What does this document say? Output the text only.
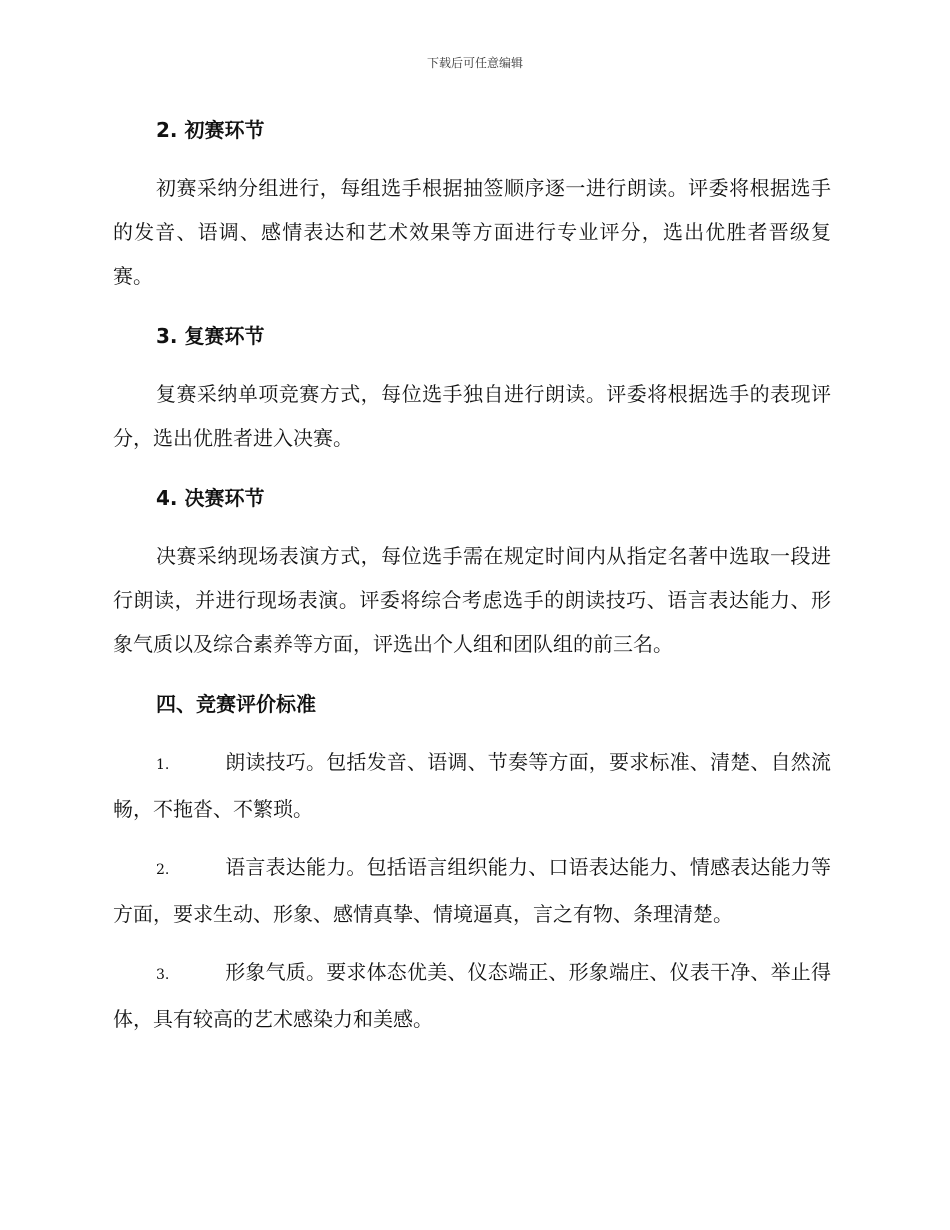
下载后可任意编辑
2. 初赛环节

初赛采纳分组进行，每组选手根据抽签顺序逐一进行朗读。评委将根据选手的发音、语调、感情表达和艺术效果等方面进行专业评分，选出优胜者晋级复赛。

3. 复赛环节

复赛采纳单项竞赛方式，每位选手独自进行朗读。评委将根据选手的表现评分，选出优胜者进入决赛。

4. 决赛环节

决赛采纳现场表演方式，每位选手需在规定时间内从指定名著中选取一段进行朗读，并进行现场表演。评委将综合考虑选手的朗读技巧、语言表达能力、形象气质以及综合素养等方面，评选出个人组和团队组的前三名。

四、竞赛评价标准

1.	朗读技巧。包括发音、语调、节奏等方面，要求标准、清楚、自然流畅，不拖沓、不繁琐。

2.	语言表达能力。包括语言组织能力、口语表达能力、情感表达能力等方面，要求生动、形象、感情真挚、情境逼真，言之有物、条理清楚。

3.	形象气质。要求体态优美、仪态端正、形象端庄、仪表干净、举止得体，具有较高的艺术感染力和美感。
